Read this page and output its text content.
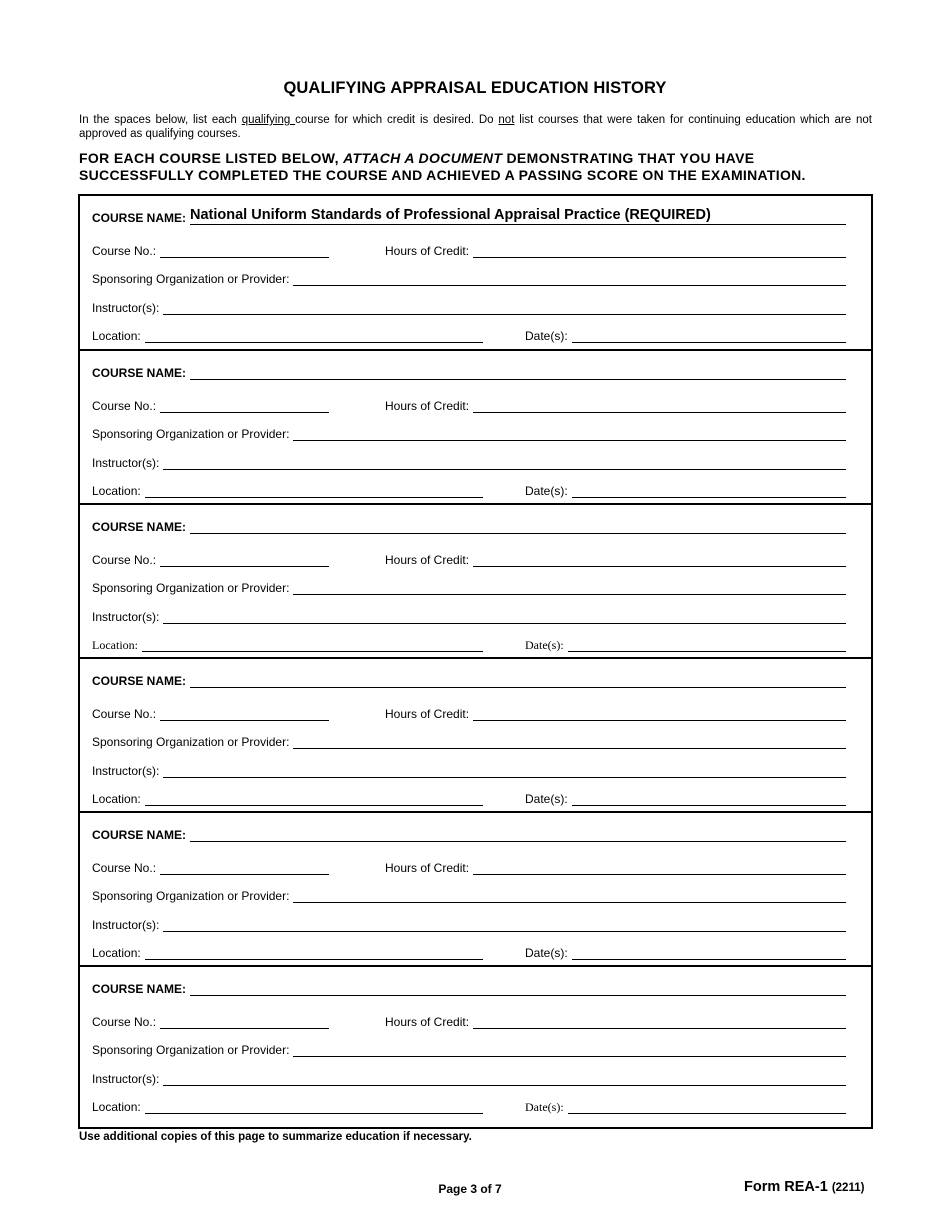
QUALIFYING APPRAISAL EDUCATION HISTORY
In the spaces below, list each qualifying course for which credit is desired. Do not list courses that were taken for continuing education which are not approved as qualifying courses.
FOR EACH COURSE LISTED BELOW, ATTACH A DOCUMENT DEMONSTRATING THAT YOU HAVE
SUCCESSFULLY COMPLETED THE COURSE AND ACHIEVED A PASSING SCORE ON THE EXAMINATION.
COURSE NAME: National Uniform Standards of Professional Appraisal Practice (REQUIRED)
Course No.:	Hours of Credit:
Sponsoring Organization or Provider:
Instructor(s):
Location:	Date(s):
COURSE NAME:
Course No.:	Hours of Credit:
Sponsoring Organization or Provider:
Instructor(s):
Location:	Date(s):
COURSE NAME:
Course No.:	Hours of Credit:
Sponsoring Organization or Provider:
Instructor(s):
Location:	Date(s):
COURSE NAME:
Course No.:	Hours of Credit:
Sponsoring Organization or Provider:
Instructor(s):
Location:	Date(s):
COURSE NAME:
Course No.:	Hours of Credit:
Sponsoring Organization or Provider:
Instructor(s):
Location:	Date(s):
COURSE NAME:
Course No.:	Hours of Credit:
Sponsoring Organization or Provider:
Instructor(s):
Location:	Date(s):
Use additional copies of this page to summarize education if necessary.
Page 3 of 7	Form REA-1 (2211)
